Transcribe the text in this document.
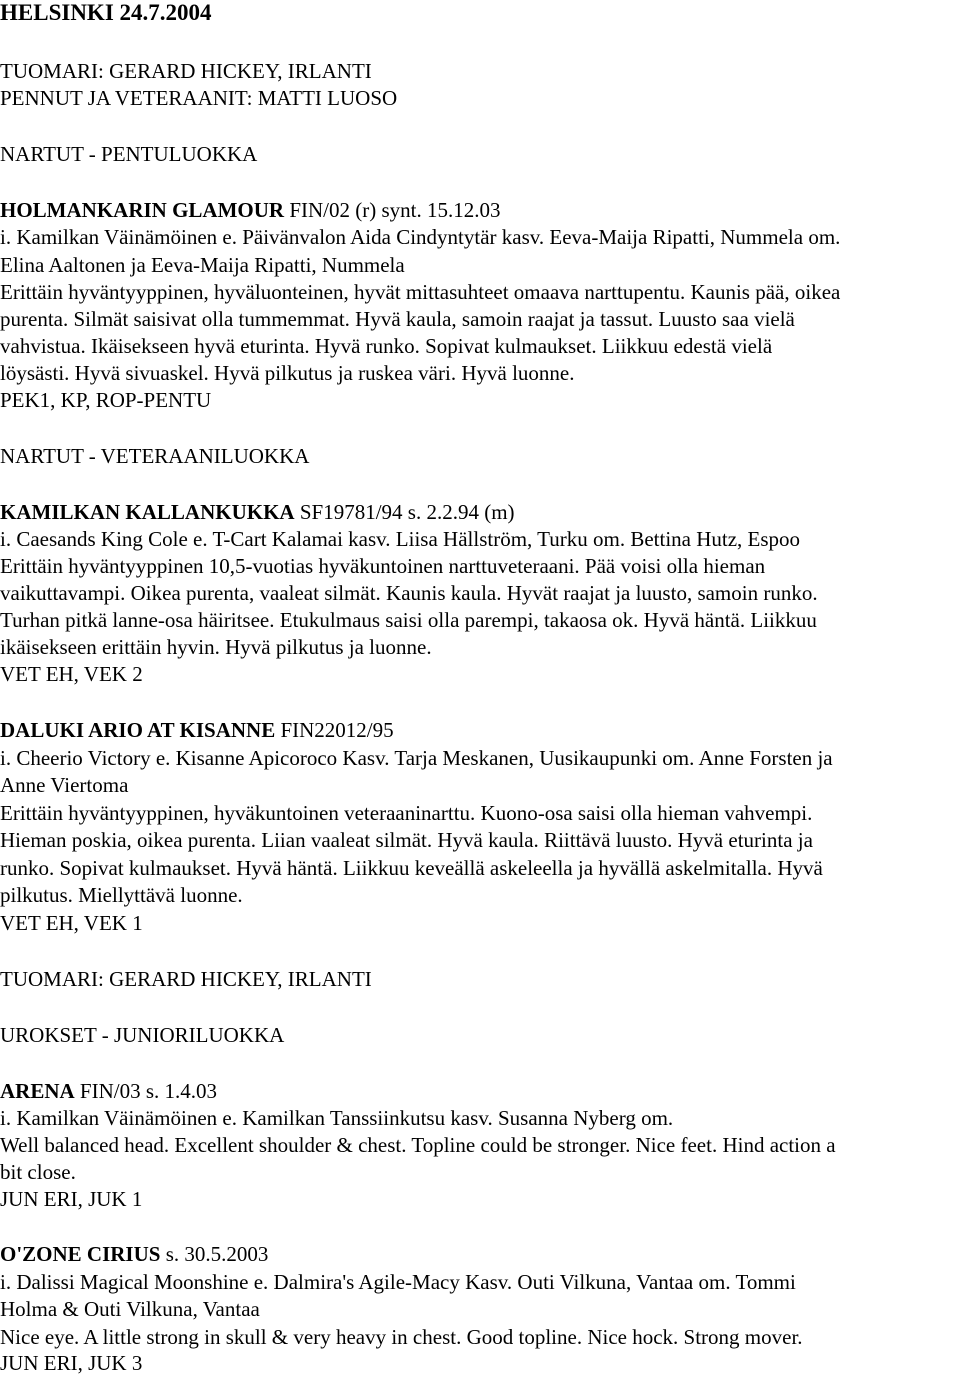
HELSINKI 24.7.2004

TUOMARI: GERARD HICKEY, IRLANTI

PENNUT JA VETERAANIT: MATTI LUOSO

NARTUT - PENTULUOKKA

HOLMANKARIN GLAMOUR FIN/02 (r) synt. 15.12.03

i. Kamilkan Väinämöinen e. Päivänvalon Aida Cindyntytär kasv. Eeva-Maija Ripatti, Nummela om.

Elina Aaltonen ja Eeva-Maija Ripatti, Nummela

Erittäin hyväntyyppinen, hyväluonteinen, hyvät mittasuhteet omaava narttupentu. Kaunis pää, oikea

purenta. Silmät saisivat olla tummemmat. Hyvä kaula, samoin raajat ja tassut. Luusto saa vielä

vahvistua. Ikäisekseen hyvä eturinta. Hyvä runko. Sopivat kulmaukset. Liikkuu edestä vielä

löysästi. Hyvä sivuaskel. Hyvä pilkutus ja ruskea väri. Hyvä luonne.

PEK1, KP, ROP-PENTU

NARTUT - VETERAANILUOKKA

KAMILKAN KALLANKUKKA SF19781/94 s. 2.2.94 (m)

i. Caesands King Cole e. T-Cart Kalamai kasv. Liisa Hällström, Turku om. Bettina Hutz, Espoo

Erittäin hyväntyyppinen 10,5-vuotias hyväkuntoinen narttuveteraani. Pää voisi olla hieman

vaikuttavampi. Oikea purenta, vaaleat silmät. Kaunis kaula. Hyvät raajat ja luusto, samoin runko.

Turhan pitkä lanne-osa häiritsee. Etukulmaus saisi olla parempi, takaosa ok. Hyvä häntä. Liikkuu

ikäisekseen erittäin hyvin. Hyvä pilkutus ja luonne.

VET EH, VEK 2

DALUKI ARIO AT KISANNE FIN22012/95

i. Cheerio Victory e. Kisanne Apicoroco Kasv. Tarja Meskanen, Uusikaupunki om. Anne Forsten ja

Anne Viertoma

Erittäin hyväntyyppinen, hyväkuntoinen veteraaninarttu. Kuono-osa saisi olla hieman vahvempi.

Hieman poskia, oikea purenta. Liian vaaleat silmät. Hyvä kaula. Riittävä luusto. Hyvä eturinta ja

runko. Sopivat kulmaukset. Hyvä häntä. Liikkuu keveällä askeleella ja hyvällä askelmitalla. Hyvä

pilkutus. Miellyttävä luonne.

VET EH, VEK 1

TUOMARI: GERARD HICKEY, IRLANTI

UROKSET - JUNIORILUOKKA

ARENA FIN/03 s. 1.4.03

i. Kamilkan Väinämöinen e. Kamilkan Tanssiinkutsu kasv. Susanna Nyberg om.

Well balanced head. Excellent shoulder & chest. Topline could be stronger. Nice feet. Hind action a

bit close.

JUN ERI, JUK 1

O'ZONE CIRIUS s. 30.5.2003

i. Dalissi Magical Moonshine e. Dalmira's Agile-Macy Kasv. Outi Vilkuna, Vantaa om. Tommi

Holma & Outi Vilkuna, Vantaa

Nice eye. A little strong in skull & very heavy in chest. Good topline. Nice hock. Strong mover.

JUN ERI, JUK 3
